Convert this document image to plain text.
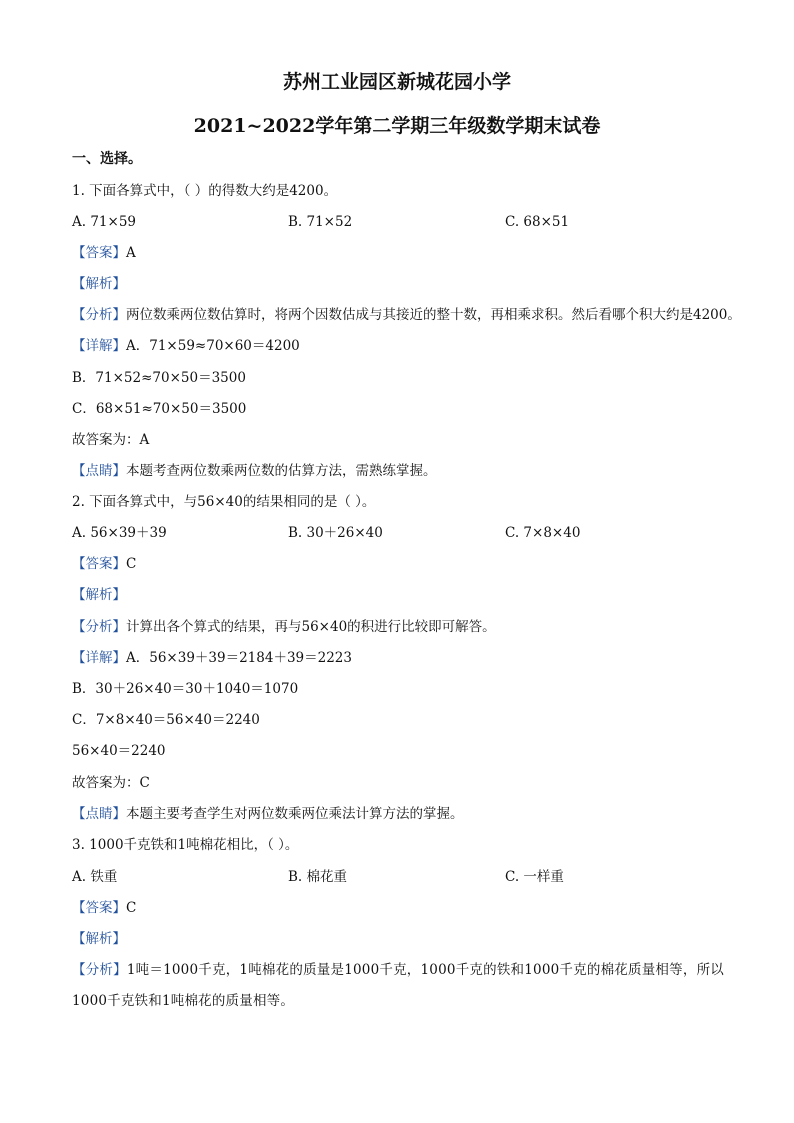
苏州工业园区新城花园小学
2021~2022学年第二学期三年级数学期末试卷
一、选择。
1. 下面各算式中，（ ）的得数大约是4200。
A. 71×59	B. 71×52	C. 68×51
【答案】A
【解析】
【分析】两位数乘两位数估算时，将两个因数估成与其接近的整十数，再相乘求积。然后看哪个积大约是4200。
【详解】A．71×59≈70×60＝4200
B．71×52≈70×50＝3500
C．68×51≈70×50＝3500
故答案为：A
【点睛】本题考查两位数乘两位数的估算方法，需熟练掌握。
2. 下面各算式中，与56×40的结果相同的是（ ）。
A. 56×39＋39	B. 30＋26×40	C. 7×8×40
【答案】C
【解析】
【分析】计算出各个算式的结果，再与56×40的积进行比较即可解答。
【详解】A．56×39＋39＝2184＋39＝2223
B．30＋26×40＝30＋1040＝1070
C．7×8×40＝56×40＝2240
56×40＝2240
故答案为：C
【点睛】本题主要考查学生对两位数乘两位乘法计算方法的掌握。
3. 1000千克铁和1吨棉花相比，（ ）。
A. 铁重	B. 棉花重	C. 一样重
【答案】C
【解析】
【分析】1吨＝1000千克，1吨棉花的质量是1000千克，1000千克的铁和1000千克的棉花质量相等，所以1000千克铁和1吨棉花的质量相等。
